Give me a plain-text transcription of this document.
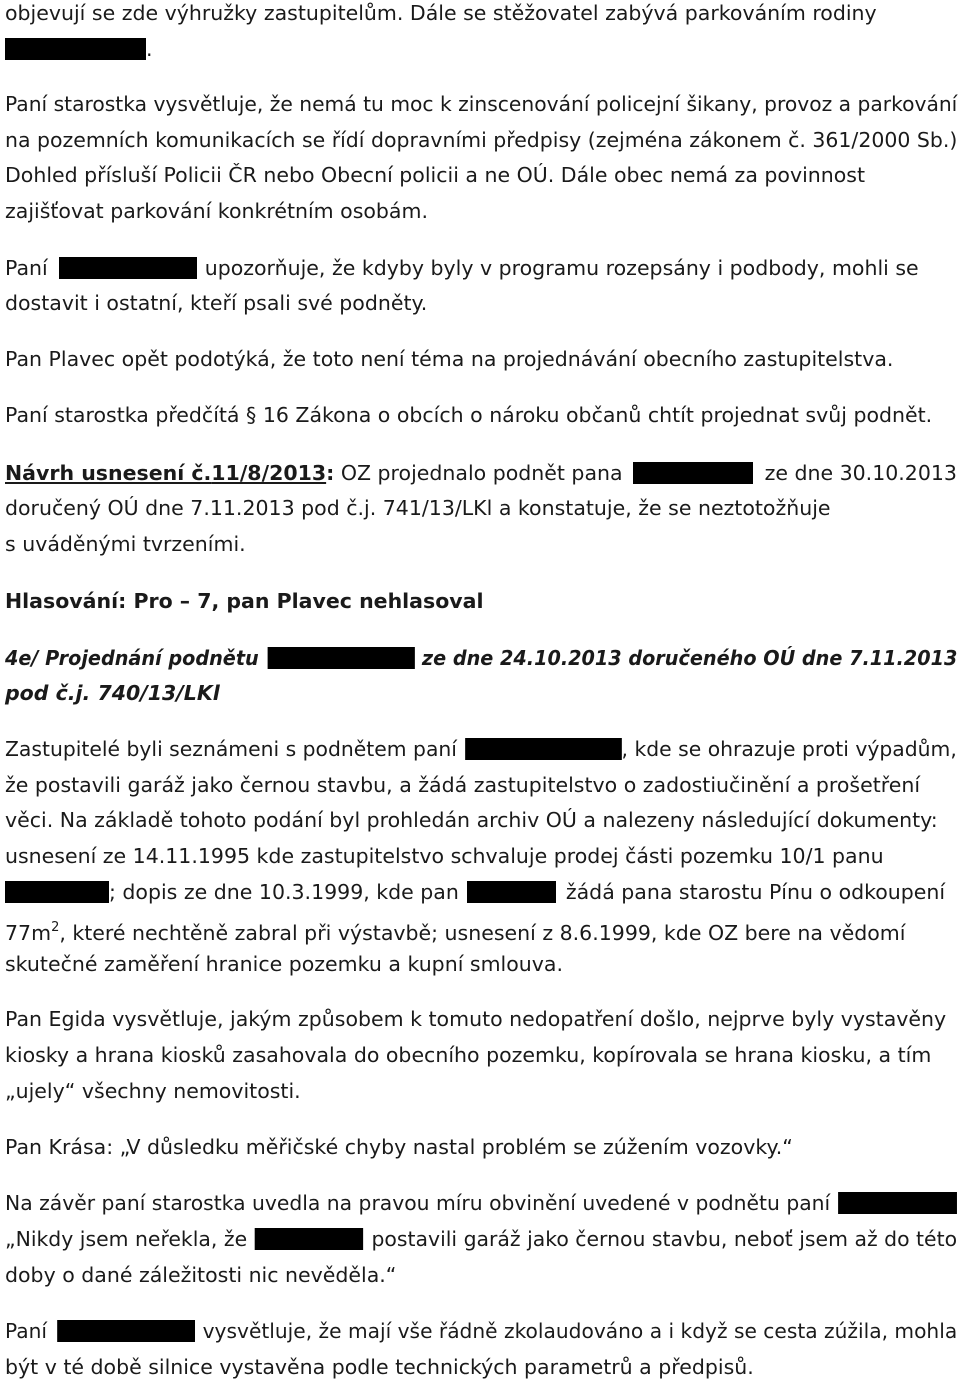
objevují se zde výhružky zastupitelům. Dále se stěžovatel zabývá parkováním rodiny
.
Paní starostka vysvětluje, že nemá tu moc k zinscenování policejní šikany, provoz a parkování
na pozemních komunikacích se řídí dopravními předpisy (zejména zákonem č. 361/2000 Sb.)
Dohled přísluší Policii ČR nebo Obecní policii a ne OÚ. Dále obec nemá za povinnost
zajišťovat parkování konkrétním osobám.
Paní	upozorňuje, že kdyby byly v programu rozepsány i podbody, mohli se
dostavit i ostatní, kteří psali své podněty.
Pan Plavec opět podotýká, že toto není téma na projednávání obecního zastupitelstva.
Paní starostka předčítá § 16 Zákona o obcích o nároku občanů chtít projednat svůj podnět.
Návrh usnesení č.11/8/2013: OZ projednalo podnět pana	ze dne 30.10.2013
doručený OÚ dne 7.11.2013 pod č.j. 741/13/LKl a konstatuje, že se neztotožňuje
s uváděnými tvrzeními.
Hlasování: Pro – 7, pan Plavec nehlasoval
4e/ Projednání podnětu	ze dne 24.10.2013 doručeného OÚ dne 7.11.2013
pod č.j. 740/13/LKl
Zastupitelé byli seznámeni s podnětem paní	, kde se ohrazuje proti výpadům,
že postavili garáž jako černou stavbu, a žádá zastupitelstvo o zadostiučinění a prošetření
věci. Na základě tohoto podání byl prohledán archiv OÚ a nalezeny následující dokumenty:
usnesení ze 14.11.1995 kde zastupitelstvo schvaluje prodej části pozemku 10/1 panu
; dopis ze dne 10.3.1999, kde pan	žádá pana starostu Pínu o odkoupení
$77m^2$, které nechtěně zabral při výstavbě; usnesení z 8.6.1999, kde OZ bere na vědomí
skutečné zaměření hranice pozemku a kupní smlouva.
Pan Egida vysvětluje, jakým způsobem k tomuto nedopatření došlo, nejprve byly vystavěny
kiosky a hrana kiosků zasahovala do obecního pozemku, kopírovala se hrana kiosku, a tím
„ujely“ všechny nemovitosti.
Pan Krása: „V důsledku měřičské chyby nastal problém se zúžením vozovky.“
Na závěr paní starostka uvedla na pravou míru obvinění uvedené v podnětu paní
„Nikdy jsem neřekla, že	postavili garáž jako černou stavbu, neboť jsem až do této
doby o dané záležitosti nic nevěděla.“
Paní	vysvětluje, že mají vše řádně zkolaudováno a i když se cesta zúžila, mohla
být v té době silnice vystavěna podle technických parametrů a předpisů.
